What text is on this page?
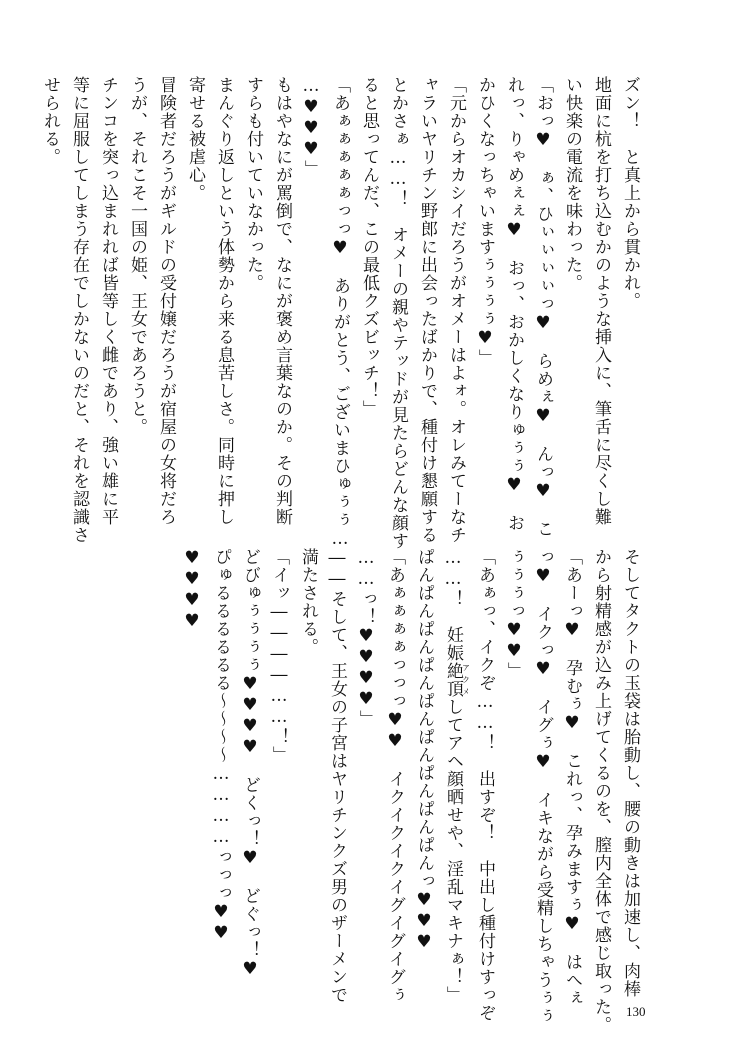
ズン！　と真上から貫かれ。
地面に杭を打ち込むかのような挿入に、筆舌に尽くし難
い快楽の電流を味わった。
「おっ♥　ぁ、ひぃぃぃぃっ♥　らめぇ♥　んっ♥　こ
れっ、りゃめぇぇ♥　おっ、おかしくなりゅぅぅ♥　お
かひくなっちゃいますぅぅぅぅ♥」
「元からオカシイだろうがオメーはよォ。オレみてーなチ
ャラいヤリチン野郎に出会ったばかりで、種付け懇願する
とかさぁ……！　オメーの親やテッドが見たらどんな顔す
ると思ってんだ、この最低クズビッチ！」
「あぁぁぁぁぁっっ♥　ありがとう、ございまひゅぅぅ…
…♥♥♥」
もはやなにが罵倒で、なにが褒め言葉なのか。その判断
すらも付いていなかった。
まんぐり返しという体勢から来る息苦しさ。同時に押し
寄せる被虐心。
冒険者だろうがギルドの受付嬢だろうが宿屋の女将だろ
うが、それこそ一国の姫、王女であろうと。
チンコを突っ込まれれば皆等しく雌であり、強い雄に平
等に屈服してしまう存在でしかないのだと、それを認識さ
せられる。
そしてタクトの玉袋は胎動し、腰の動きは加速し、肉棒
から射精感が込み上げてくるのを、膣内全体で感じ取った。
「あーっ♥　孕むぅ♥　これっ、孕みますぅ♥　はへぇ
っ♥　イクっ♥　イグぅ♥　イキながら受精しちゃうぅぅ
ぅぅぅっ♥♥」
「あぁっ、イクぞ……！　出すぞ！　中出し種付けすっぞ
……！　妊娠絶頂アクメしてアヘ顔晒せや、淫乱マキナぁ！」
ぱんぱんぱんぱんぱんぱんぱんぱんぱんっ♥♥♥
「あぁぁぁぁっっっ♥♥　イクイクイクイグイグイグぅ
……っ！♥♥♥♥」
――そして、王女の子宮はヤリチンクズ男のザーメンで
満たされる。
「イッ――――……！」
どびゅぅぅぅぅ♥♥♥♥　どくっ！♥　どぐっ！♥
ぴゅるるるるるる～～～～…………っっっ♥♥
♥♥♥♥
130
